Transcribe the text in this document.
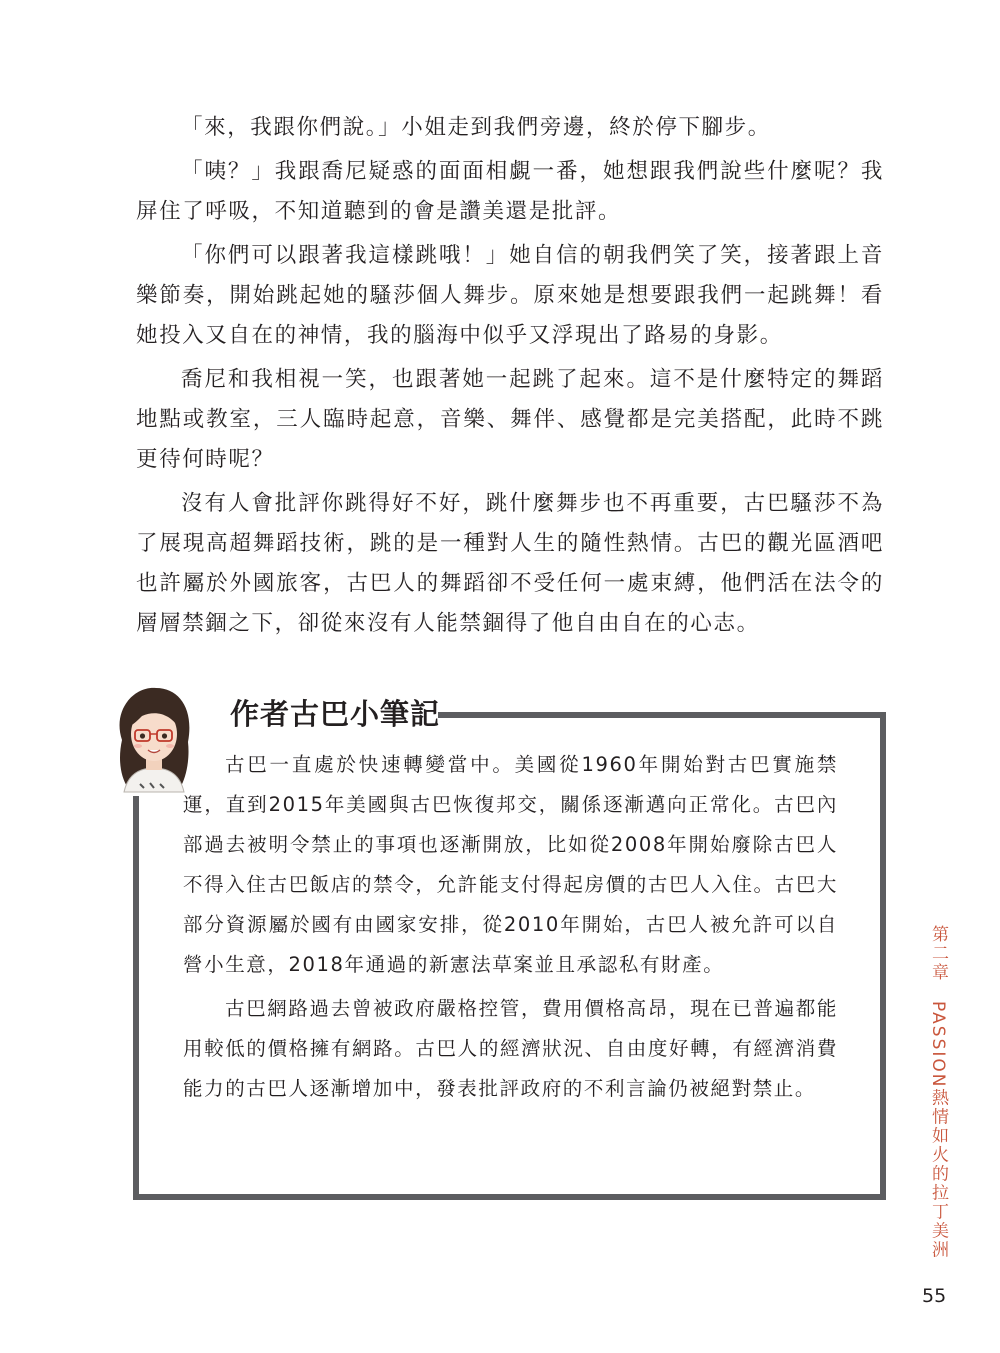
「來，我跟你們說。」小姐走到我們旁邊，終於停下腳步。

「咦？」我跟喬尼疑惑的面面相覷一番，她想跟我們說些什麼呢？我屏住了呼吸，不知道聽到的會是讚美還是批評。

「你們可以跟著我這樣跳哦！」她自信的朝我們笑了笑，接著跟上音樂節奏，開始跳起她的騷莎個人舞步。原來她是想要跟我們一起跳舞！看她投入又自在的神情，我的腦海中似乎又浮現出了路易的身影。

喬尼和我相視一笑，也跟著她一起跳了起來。這不是什麼特定的舞蹈地點或教室，三人臨時起意，音樂、舞伴、感覺都是完美搭配，此時不跳更待何時呢？

沒有人會批評你跳得好不好，跳什麼舞步也不再重要，古巴騷莎不為了展現高超舞蹈技術，跳的是一種對人生的隨性熱情。古巴的觀光區酒吧也許屬於外國旅客，古巴人的舞蹈卻不受任何一處束縛，他們活在法令的層層禁錮之下，卻從來沒有人能禁錮得了他自由自在的心志。

作者古巴小筆記

古巴一直處於快速轉變當中。美國從1960年開始對古巴實施禁運，直到2015年美國與古巴恢復邦交，關係逐漸邁向正常化。古巴內部過去被明令禁止的事項也逐漸開放，比如從2008年開始廢除古巴人不得入住古巴飯店的禁令，允許能支付得起房價的古巴人入住。古巴大部分資源屬於國有由國家安排，從2010年開始，古巴人被允許可以自營小生意，2018年通過的新憲法草案並且承認私有財產。

古巴網路過去曾被政府嚴格控管，費用價格高昂，現在已普遍都能用較低的價格擁有網路。古巴人的經濟狀況、自由度好轉，有經濟消費能力的古巴人逐漸增加中，發表批評政府的不利言論仍被絕對禁止。	第二章　PASSION熱情如火的拉丁美洲
55
